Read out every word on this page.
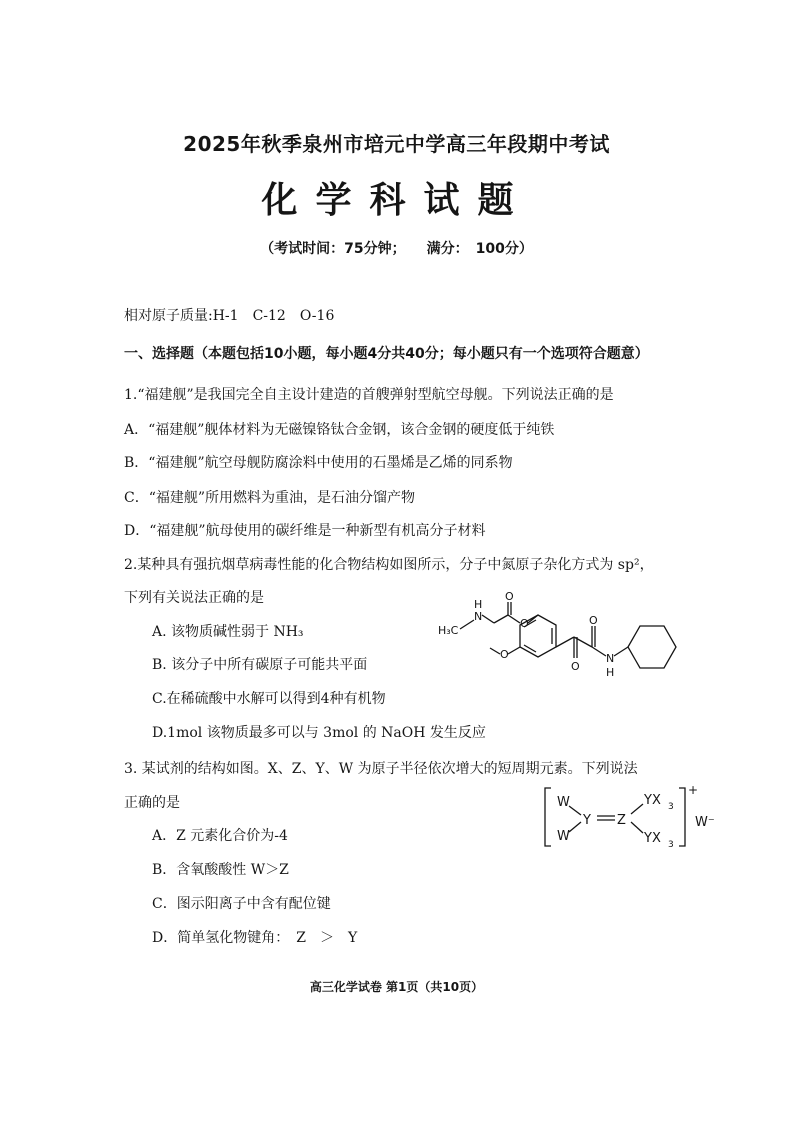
2025年秋季泉州市培元中学高三年段期中考试
化学科试题
（考试时间：75分钟；　　满分：　100分）
相对原子质量:H-1　C-12　O-16
一、选择题（本题包括10小题，每小题4分共40分；每小题只有一个选项符合题意）
1.“福建舰”是我国完全自主设计建造的首艘弹射型航空母舰。下列说法正确的是
A．“福建舰”舰体材料为无磁镍铬钛合金钢，该合金钢的硬度低于纯铁
B．“福建舰”航空母舰防腐涂料中使用的石墨烯是乙烯的同系物
C．“福建舰”所用燃料为重油，是石油分馏产物
D．“福建舰”航母使用的碳纤维是一种新型有机高分子材料
2.某种具有强抗烟草病毒性能的化合物结构如图所示，分子中氮原子杂化方式为 sp²，
下列有关说法正确的是
A. 该物质碱性弱于 NH₃
B. 该分子中所有碳原子可能共平面
C.在稀硫酸中水解可以得到4种有机物
D.1mol 该物质最多可以与 3mol 的 NaOH 发生反应
H₃C
N
H
O
O
O
O
O
N
H
3. 某试剂的结构如图。X、Z、Y、W 为原子半径依次增大的短周期元素。下列说法
正确的是
A．Z 元素化合价为-4
B．含氧酸酸性 W＞Z
C．图示阳离子中含有配位键
D．简单氢化物键角：　Z　＞　Y
W
W
Y Z
YX 3
YX 3
+
W⁻
高三化学试卷 第1页（共10页）
